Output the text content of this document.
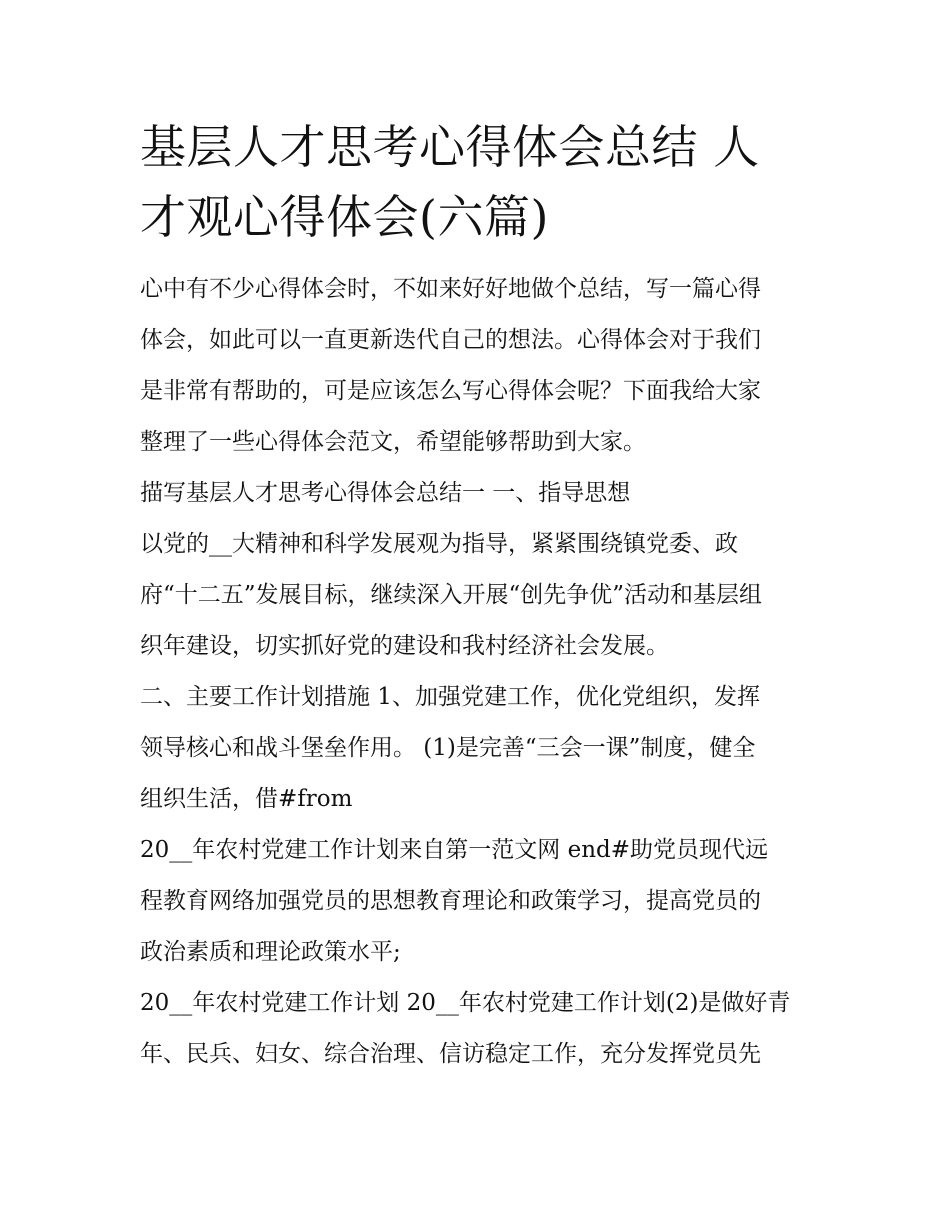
基层人才思考心得体会总结 人
才观心得体会(六篇)

心中有不少心得体会时，不如来好好地做个总结，写一篇心得

体会，如此可以一直更新迭代自己的想法。心得体会对于我们

是非常有帮助的，可是应该怎么写心得体会呢？下面我给大家

整理了一些心得体会范文，希望能够帮助到大家。

描写基层人才思考心得体会总结一 一、指导思想

以党的__大精神和科学发展观为指导，紧紧围绕镇党委、政

府“十二五”发展目标，继续深入开展“创先争优”活动和基层组

织年建设，切实抓好党的建设和我村经济社会发展。

二、主要工作计划措施 1、加强党建工作，优化党组织，发挥

领导核心和战斗堡垒作用。 (1)是完善“三会一课”制度，健全

组织生活，借#from

20__年农村党建工作计划来自第一范文网 end#助党员现代远

程教育网络加强党员的思想教育理论和政策学习，提高党员的

政治素质和理论政策水平;

20__年农村党建工作计划 20__年农村党建工作计划(2)是做好青

年、民兵、妇女、综合治理、信访稳定工作，充分发挥党员先
